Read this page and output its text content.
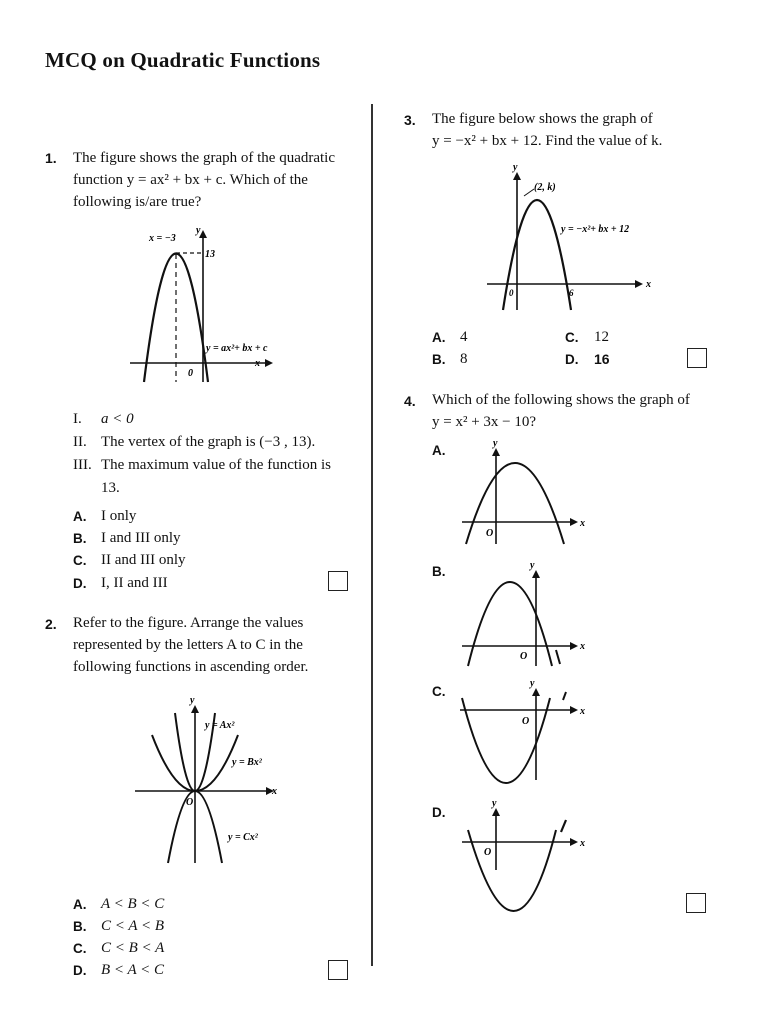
MCQ on Quadratic Functions
1. The figure shows the graph of the quadratic
function y = ax² + bx + c. Which of the
following is/are true?
x = −3
y
13
y = ax²+ bx + c
0
x
I. a < 0
II. The vertex of the graph is (−3 , 13).
III. The maximum value of the function is
13.
A. I only
B. I and III only
C. II and III only
D. I, II and III
2. Refer to the figure. Arrange the values
represented by the letters A to C in the
following functions in ascending order.
y
y = Ax²
y = Bx²
y = Cx²
O
x
A. A < B < C
B. C < A < B
C. C < B < A
D. B < A < C
3. The figure below shows the graph of
y = −x² + bx + 12. Find the value of k.
y
(2, k)
y = −x²+ bx + 12
0	6
x
A. 4
B. 8
C. 12
D. 16
4. Which of the following shows the graph of
y = x² + 3x − 10?
A.	y
O
x
B.	y
O
x
C.
y
O
x
D.
y
O
x
